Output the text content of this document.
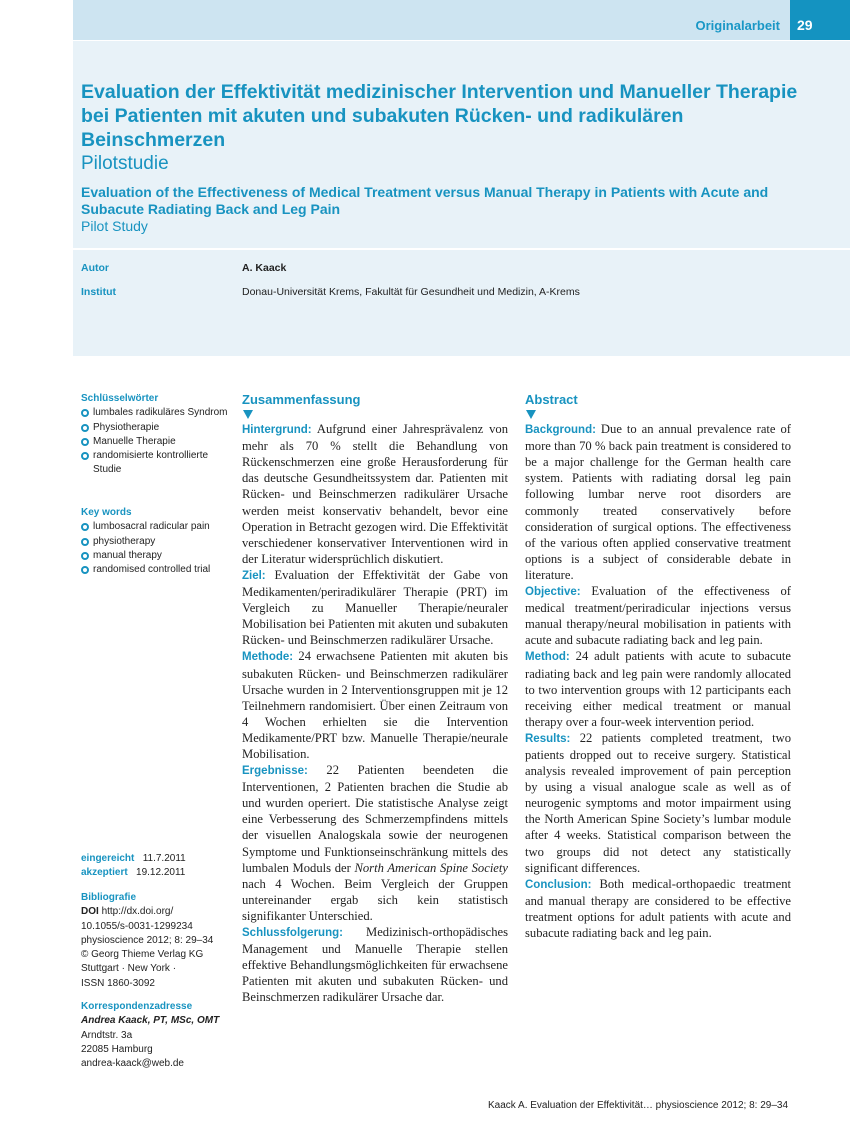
Originalarbeit	29
Evaluation der Effektivität medizinischer Intervention und Manueller Therapie bei Patienten mit akuten und subakuten Rücken- und radikulären Beinschmerzen
Pilotstudie
Evaluation of the Effectiveness of Medical Treatment versus Manual Therapy in Patients with Acute and Subacute Radiating Back and Leg Pain
Pilot Study
Autor	A. Kaack
Institut	Donau-Universität Krems, Fakultät für Gesundheit und Medizin, A-Krems
Schlüsselwörter
lumbales radikuläres Syndrom
Physiotherapie
Manuelle Therapie
randomisierte kontrollierte Studie
Key words
lumbosacral radicular pain
physiotherapy
manual therapy
randomised controlled trial
eingereicht 11.7.2011
akzeptiert 19.12.2011
Bibliografie
DOI http://dx.doi.org/
10.1055/s-0031-1299234
physioscience 2012; 8: 29–34
© Georg Thieme Verlag KG
Stuttgart · New York ·
ISSN 1860-3092
Korrespondenzadresse
Andrea Kaack, PT, MSc, OMT
Arndtstr. 3a
22085 Hamburg
andrea-kaack@web.de
Zusammenfassung

Hintergrund: Aufgrund einer Jahresprävalenz von mehr als 70 % stellt die Behandlung von Rückenschmerzen eine große Herausforderung für das deutsche Gesundheitssystem dar. Patienten mit Rücken- und Beinschmerzen radikulärer Ursache werden meist konservativ behandelt, bevor eine Operation in Betracht gezogen wird. Die Effektivität verschiedener konservativer Interventionen wird in der Literatur widersprüchlich diskutiert.

Ziel: Evaluation der Effektivität der Gabe von Medikamenten/periradikulärer Therapie (PRT) im Vergleich zu Manueller Therapie/neuraler Mobilisation bei Patienten mit akuten und subakuten Rücken- und Beinschmerzen radikulärer Ursache.

Methode: 24 erwachsene Patienten mit akuten bis subakuten Rücken- und Beinschmerzen radikulärer Ursache wurden in 2 Interventionsgruppen mit je 12 Teilnehmern randomisiert. Über einen Zeitraum von 4 Wochen erhielten sie die Intervention Medikamente/PRT bzw. Manuelle Therapie/neurale Mobilisation.

Ergebnisse: 22 Patienten beendeten die Interventionen, 2 Patienten brachen die Studie ab und wurden operiert. Die statistische Analyse zeigt eine Verbesserung des Schmerzempfindens mittels der visuellen Analogskala sowie der neurogenen Symptome und Funktionseinschränkung mittels des lumbalen Moduls der North American Spine Society nach 4 Wochen. Beim Vergleich der Gruppen untereinander ergab sich kein statistisch signifikanter Unterschied.

Schlussfolgerung: Medizinisch-orthopädisches Management und Manuelle Therapie stellen effektive Behandlungsmöglichkeiten für erwachsene Patienten mit akuten und subakuten Rücken- und Beinschmerzen radikulärer Ursache dar.

Abstract

Background: Due to an annual prevalence rate of more than 70 % back pain treatment is considered to be a major challenge for the German health care system. Patients with radiating dorsal leg pain following lumbar nerve root disorders are commonly treated conservatively before consideration of surgical options. The effectiveness of the various often applied conservative treatment options is a subject of considerable debate in literature.

Objective: Evaluation of the effectiveness of medical treatment/periradicular injections versus manual therapy/neural mobilisation in patients with acute and subacute radiating back and leg pain.

Method: 24 adult patients with acute to subacute radiating back and leg pain were randomly allocated to two intervention groups with 12 participants each receiving either medical treatment or manual therapy over a four-week intervention period.

Results: 22 patients completed treatment, two patients dropped out to receive surgery. Statistical analysis revealed improvement of pain perception by using a visual analogue scale as well as of neurogenic symptoms and motor impairment using the North American Spine Society’s lumbar module after 4 weeks. Statistical comparison between the two groups did not detect any statistically significant differences.

Conclusion: Both medical-orthopaedic treatment and manual therapy are considered to be effective treatment options for adult patients with acute and subacute radiating back and leg pain.

Kaack A. Evaluation der Effektivität… physioscience 2012; 8: 29–34
